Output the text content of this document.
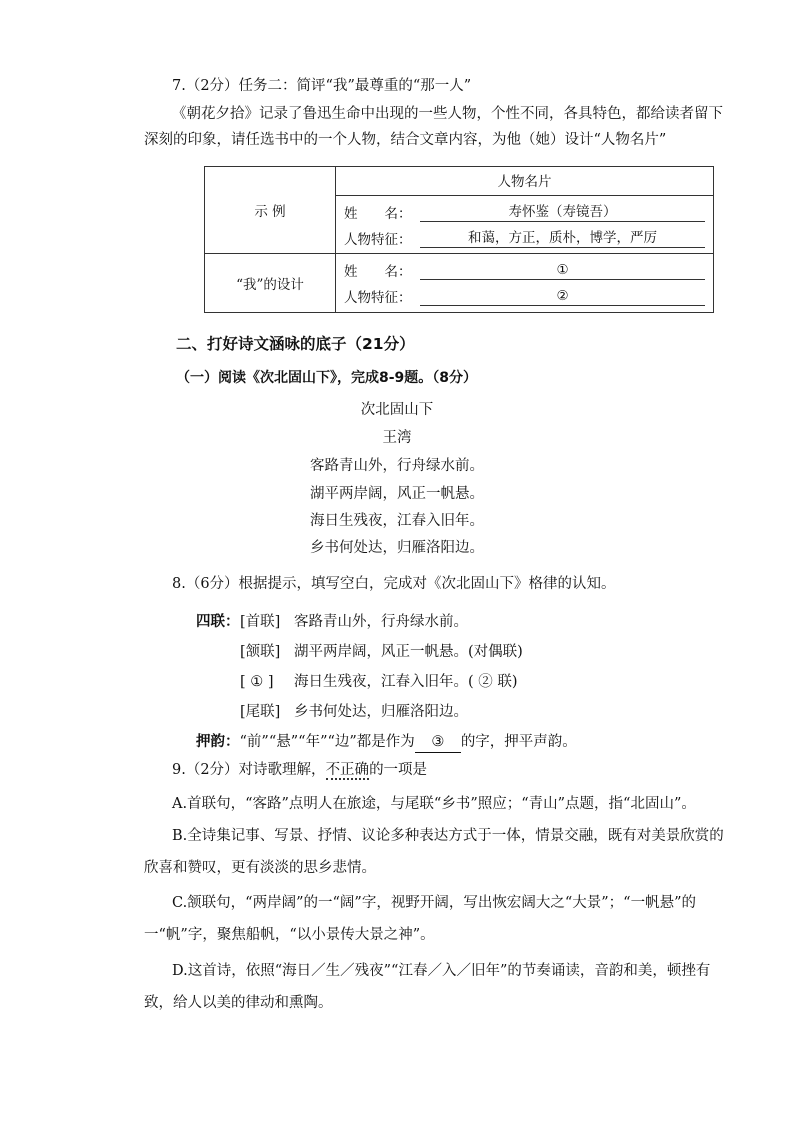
7.（2分）任务二：简评“我”最尊重的“那一人”
《朝花夕拾》记录了鲁迅生命中出现的一些人物，个性不同，各具特色，都给读者留下
深刻的印象，请任选书中的一个人物，结合文章内容，为他（她）设计“人物名片”
示 例	人物名片
姓　　名： 寿怀鉴（寿镜吾）
人物特征： 和蔼，方正，质朴，博学，严厉

“我”的设计	姓　　名： ①
人物特征： ②
二、打好诗文涵咏的底子（21分）
（一）阅读《次北固山下》，完成8-9题。（8分）
次北固山下
王湾
客路青山外，行舟绿水前。
湖平两岸阔，风正一帆悬。
海日生残夜，江春入旧年。
乡书何处达，归雁洛阳边。
8.（6分）根据提示，填写空白，完成对《次北固山下》格律的认知。
四联： [首联] 客路青山外，行舟绿水前。
[颔联] 湖平两岸阔，风正一帆悬。(对偶联)
[ ① ] 海日生残夜，江春入旧年。( ② 联)
[尾联] 乡书何处达，归雁洛阳边。
押韵：“前”“悬”“年”“边”都是作为 ③ 的字，押平声韵。
9.（2分）对诗歌理解，不正确的一项是
A.首联句，“客路”点明人在旅途，与尾联“乡书”照应；“青山”点题，指“北固山”。
B.全诗集记事、写景、抒情、议论多种表达方式于一体，情景交融，既有对美景欣赏的
欣喜和赞叹，更有淡淡的思乡悲情。
C.颔联句，“两岸阔”的一“阔”字，视野开阔，写出恢宏阔大之“大景”；“一帆悬”的
一“帆”字，聚焦船帆，“以小景传大景之神”。
D.这首诗，依照“海日／生／残夜”“江春／入／旧年”的节奏诵读，音韵和美，顿挫有
致，给人以美的律动和熏陶。
